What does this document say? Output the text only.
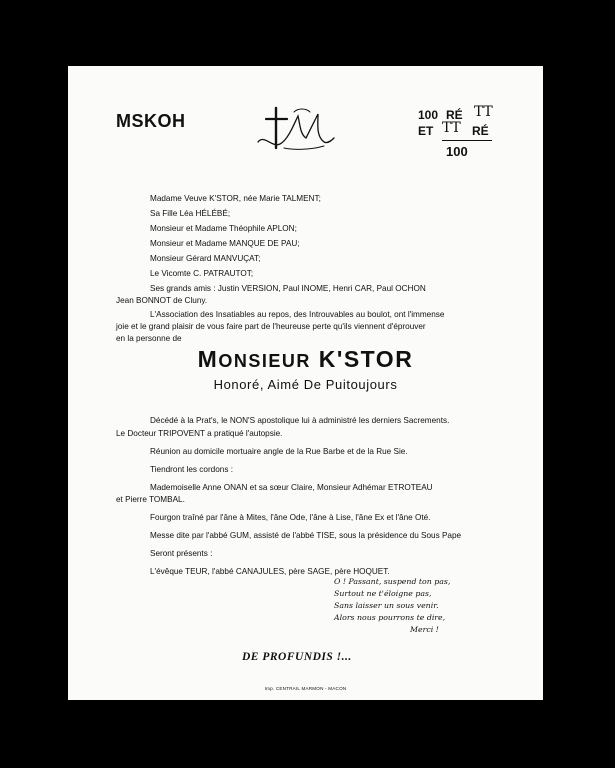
MSKOH	100 RÉ ΤΤ
ET ΤΤ RÉ
100
Madame Veuve K'STOR, née Marie TALMENT;
Sa Fille Léa HÉLÉBÉ;
Monsieur et Madame Théophile APLON;
Monsieur et Madame MANQUE DE PAU;
Monsieur Gérard MANVUÇAT;
Le Vicomte C. PATRAUTOT;
Ses grands amis : Justin VERSION, Paul INOME, Henri CAR, Paul OCHON
Jean BONNOT de Cluny.
L'Association des Insatiables au repos, des Introuvables au boulot, ont l'immense
joie et le grand plaisir de vous faire part de l'heureuse perte qu'ils viennent d'éprouver
en la personne de
MONSIEUR K'STOR
Honoré, Aimé De Puitoujours
Décédé à la Prat's, le NON'S apostolique lui à administré les derniers Sacrements.
Le Docteur TRIPOVENT a pratiqué l'autopsie.
Réunion au domicile mortuaire angle de la Rue Barbe et de la Rue Sie.
Tiendront les cordons :
Mademoiselle Anne ONAN et sa sœur Claire, Monsieur Adhémar ETROTEAU
et Pierre TOMBAL.
Fourgon traîné par l'âne à Mites, l'âne Ode, l'âne à Lise, l'âne Ex et l'âne Oté.
Messe dite par l'abbé GUM, assisté de l'abbé TISE, sous la présidence du Sous Pape
Seront présents :
L'évêque TEUR, l'abbé CANAJULES, père SAGE, père HOQUET.
O ! Passant, suspend ton pas,
Surtout ne t'éloigne pas,
Sans laisser un sous venir.
Alors nous pourrons te dire,
Merci !
DE PROFUNDIS !...
Imp. CENTRAIL MARMON - MACON
